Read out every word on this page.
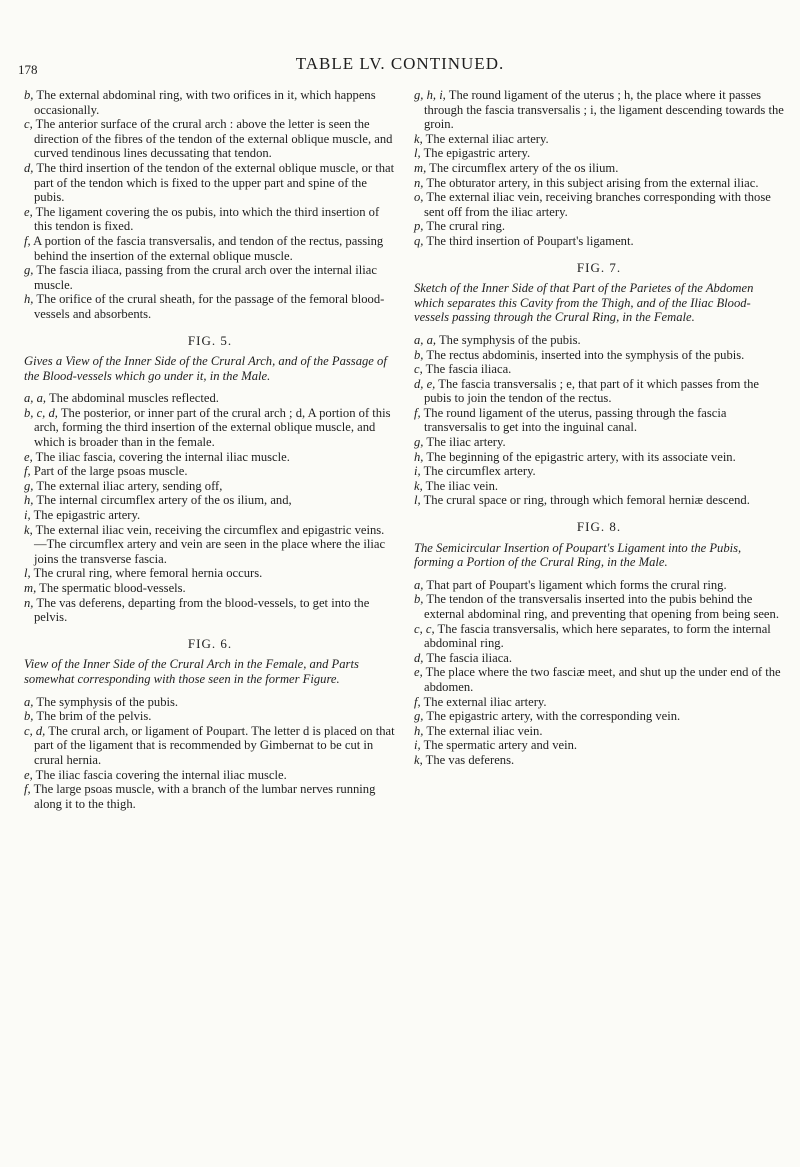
178	TABLE LV. CONTINUED.

b, The external abdominal ring, with two orifices in it, which happens occasionally.

c, The anterior surface of the crural arch : above the letter is seen the direction of the fibres of the tendon of the external oblique muscle, and curved tendinous lines decussating that tendon.

d, The third insertion of the tendon of the external oblique muscle, or that part of the tendon which is fixed to the upper part and spine of the pubis.

e, The ligament covering the os pubis, into which the third insertion of this tendon is fixed.

f, A portion of the fascia transversalis, and tendon of the rectus, passing behind the insertion of the external oblique muscle.

g, The fascia iliaca, passing from the crural arch over the internal iliac muscle.

h, The orifice of the crural sheath, for the passage of the femoral blood-vessels and absorbents.

FIG. 5.

Gives a View of the Inner Side of the Crural Arch, and of the Passage of the Blood-vessels which go under it, in the Male.

a, a, The abdominal muscles reflected.

b, c, d, The posterior, or inner part of the crural arch ; d, A portion of this arch, forming the third insertion of the external oblique muscle, and which is broader than in the female.

e, The iliac fascia, covering the internal iliac muscle.

f, Part of the large psoas muscle.

g, The external iliac artery, sending off,

h, The internal circumflex artery of the os ilium, and,

i, The epigastric artery.

k, The external iliac vein, receiving the circumflex and epigastric veins.—The circumflex artery and vein are seen in the place where the iliac joins the transverse fascia.

l, The crural ring, where femoral hernia occurs.

m, The spermatic blood-vessels.

n, The vas deferens, departing from the blood-vessels, to get into the pelvis.

FIG. 6.

View of the Inner Side of the Crural Arch in the Female, and Parts somewhat corresponding with those seen in the former Figure.

a, The symphysis of the pubis.

b, The brim of the pelvis.

c, d, The crural arch, or ligament of Poupart. The letter d is placed on that part of the ligament that is recommended by Gimbernat to be cut in crural hernia.

e, The iliac fascia covering the internal iliac muscle.

f, The large psoas muscle, with a branch of the lumbar nerves running along it to the thigh.

g, h, i, The round ligament of the uterus ; h, the place where it passes through the fascia transversalis ; i, the ligament descending towards the groin.

k, The external iliac artery.

l, The epigastric artery.

m, The circumflex artery of the os ilium.

n, The obturator artery, in this subject arising from the external iliac.

o, The external iliac vein, receiving branches corresponding with those sent off from the iliac artery.

p, The crural ring.

q, The third insertion of Poupart's ligament.

FIG. 7.

Sketch of the Inner Side of that Part of the Parietes of the Abdomen which separates this Cavity from the Thigh, and of the Iliac Blood-vessels passing through the Crural Ring, in the Female.

a, a, The symphysis of the pubis.

b, The rectus abdominis, inserted into the symphysis of the pubis.

c, The fascia iliaca.

d, e, The fascia transversalis ; e, that part of it which passes from the pubis to join the tendon of the rectus.

f, The round ligament of the uterus, passing through the fascia transversalis to get into the inguinal canal.

g, The iliac artery.

h, The beginning of the epigastric artery, with its associate vein.

i, The circumflex artery.

k, The iliac vein.

l, The crural space or ring, through which femoral herniæ descend.

FIG. 8.

The Semicircular Insertion of Poupart's Ligament into the Pubis, forming a Portion of the Crural Ring, in the Male.

a, That part of Poupart's ligament which forms the crural ring.

b, The tendon of the transversalis inserted into the pubis behind the external abdominal ring, and preventing that opening from being seen.

c, c, The fascia transversalis, which here separates, to form the internal abdominal ring.

d, The fascia iliaca.

e, The place where the two fasciæ meet, and shut up the under end of the abdomen.

f, The external iliac artery.

g, The epigastric artery, with the corresponding vein.

h, The external iliac vein.

i, The spermatic artery and vein.

k, The vas deferens.
